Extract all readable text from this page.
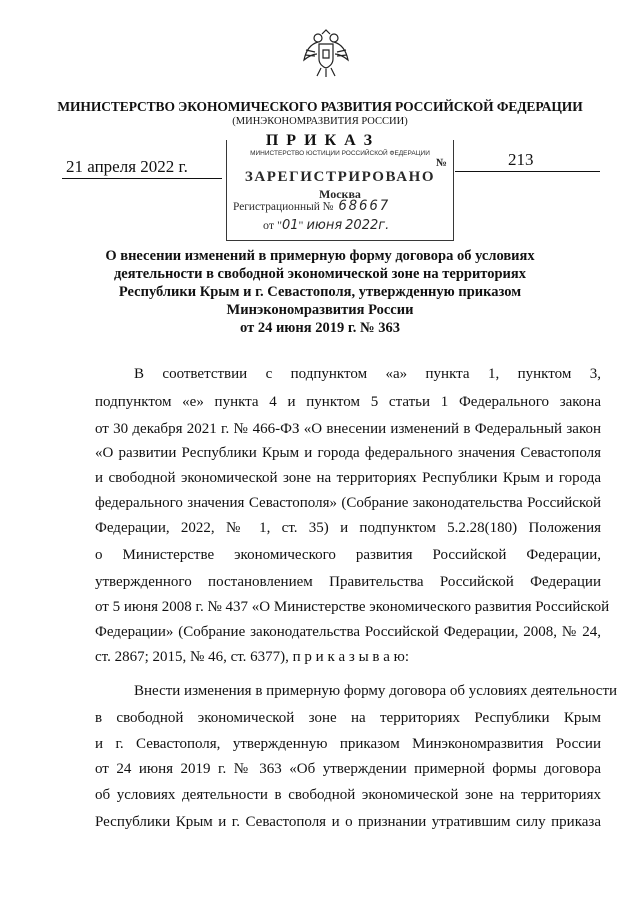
МИНИСТЕРСТВО ЭКОНОМИЧЕСКОГО РАЗВИТИЯ РОССИЙСКОЙ ФЕДЕРАЦИИ
(МИНЭКОНОМРАЗВИТИЯ РОССИИ)
П Р И К А З
21 апреля 2022 г.	213
МИНИСТЕРСТВО ЮСТИЦИИ РОССИЙСКОЙ ФЕДЕРАЦИИ
№
ЗАРЕГИСТРИРОВАНО
Москва
Регистрационный № 68667
от "01" июня 2022г.
О внесении изменений в примерную форму договора об условиях
деятельности в свободной экономической зоне на территориях
Республики Крым и г. Севастополя, утвержденную приказом
Минэкономразвития России
от 24 июня 2019 г. № 363
В соответствии с подпунктом «а» пункта 1, пунктом 3,
подпунктом «е» пункта 4 и пунктом 5 статьи 1 Федерального закона
от 30 декабря 2021 г. № 466-ФЗ «О внесении изменений в Федеральный закон
«О развитии Республики Крым и города федерального значения Севастополя
и свободной экономической зоне на территориях Республики Крым и города
федерального значения Севастополя» (Собрание законодательства Российской
Федерации, 2022, № 1, ст. 35) и подпунктом 5.2.28(180) Положения
о Министерстве экономического развития Российской Федерации,
утвержденного постановлением Правительства Российской Федерации
от 5 июня 2008 г. № 437 «О Министерстве экономического развития Российской
Федерации» (Собрание законодательства Российской Федерации, 2008, № 24,
ст. 2867; 2015, № 46, ст. 6377), п р и к а з ы в а ю:
Внести изменения в примерную форму договора об условиях деятельности
в свободной экономической зоне на территориях Республики Крым
и г. Севастополя, утвержденную приказом Минэкономразвития России
от 24 июня 2019 г. № 363 «Об утверждении примерной формы договора
об условиях деятельности в свободной экономической зоне на территориях
Республики Крым и г. Севастополя и о признании утратившим силу приказа
